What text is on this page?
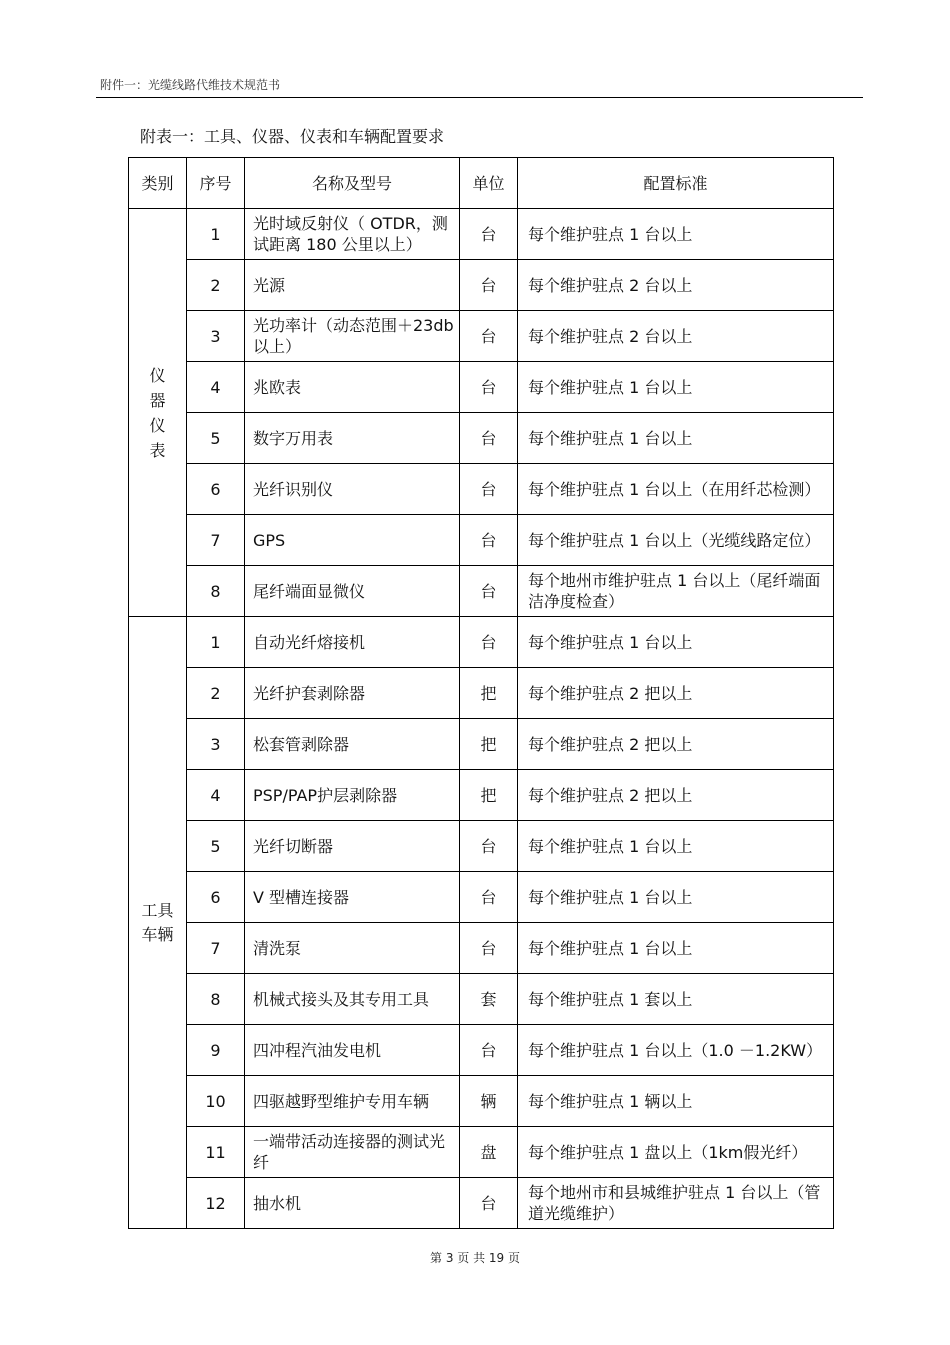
附件一：光缆线路代维技术规范书
附表一：工具、仪器、仪表和车辆配置要求
类别	序号	名称及型号	单位	配置标准
仪器仪表	1	光时域反射仪（ OTDR，测试距离 180 公里以上）	台	每个维护驻点 1 台以上
	2	光源	台	每个维护驻点 2 台以上
	3	光功率计（动态范围＋23db 以上）	台	每个维护驻点 2 台以上
	4	兆欧表	台	每个维护驻点 1 台以上
	5	数字万用表	台	每个维护驻点 1 台以上
	6	光纤识别仪	台	每个维护驻点 1 台以上（在用纤芯检测）
	7	GPS	台	每个维护驻点 1 台以上（光缆线路定位）
	8	尾纤端面显微仪	台	每个地州市维护驻点 1 台以上（尾纤端面洁净度检查）
工具车辆	1	自动光纤熔接机	台	每个维护驻点 1 台以上
	2	光纤护套剥除器	把	每个维护驻点 2 把以上
	3	松套管剥除器	把	每个维护驻点 2 把以上
	4	PSP/PAP护层剥除器	把	每个维护驻点 2 把以上
	5	光纤切断器	台	每个维护驻点 1 台以上
	6	V 型槽连接器	台	每个维护驻点 1 台以上
	7	清洗泵	台	每个维护驻点 1 台以上
	8	机械式接头及其专用工具	套	每个维护驻点 1 套以上
	9	四冲程汽油发电机	台	每个维护驻点 1 台以上（1.0 －1.2KW）
	10	四驱越野型维护专用车辆	辆	每个维护驻点 1 辆以上
	11	一端带活动连接器的测试光纤	盘	每个维护驻点 1 盘以上（1km假光纤）
	12	抽水机	台	每个地州市和县城维护驻点 1 台以上（管道光缆维护）
第 3 页 共 19 页
